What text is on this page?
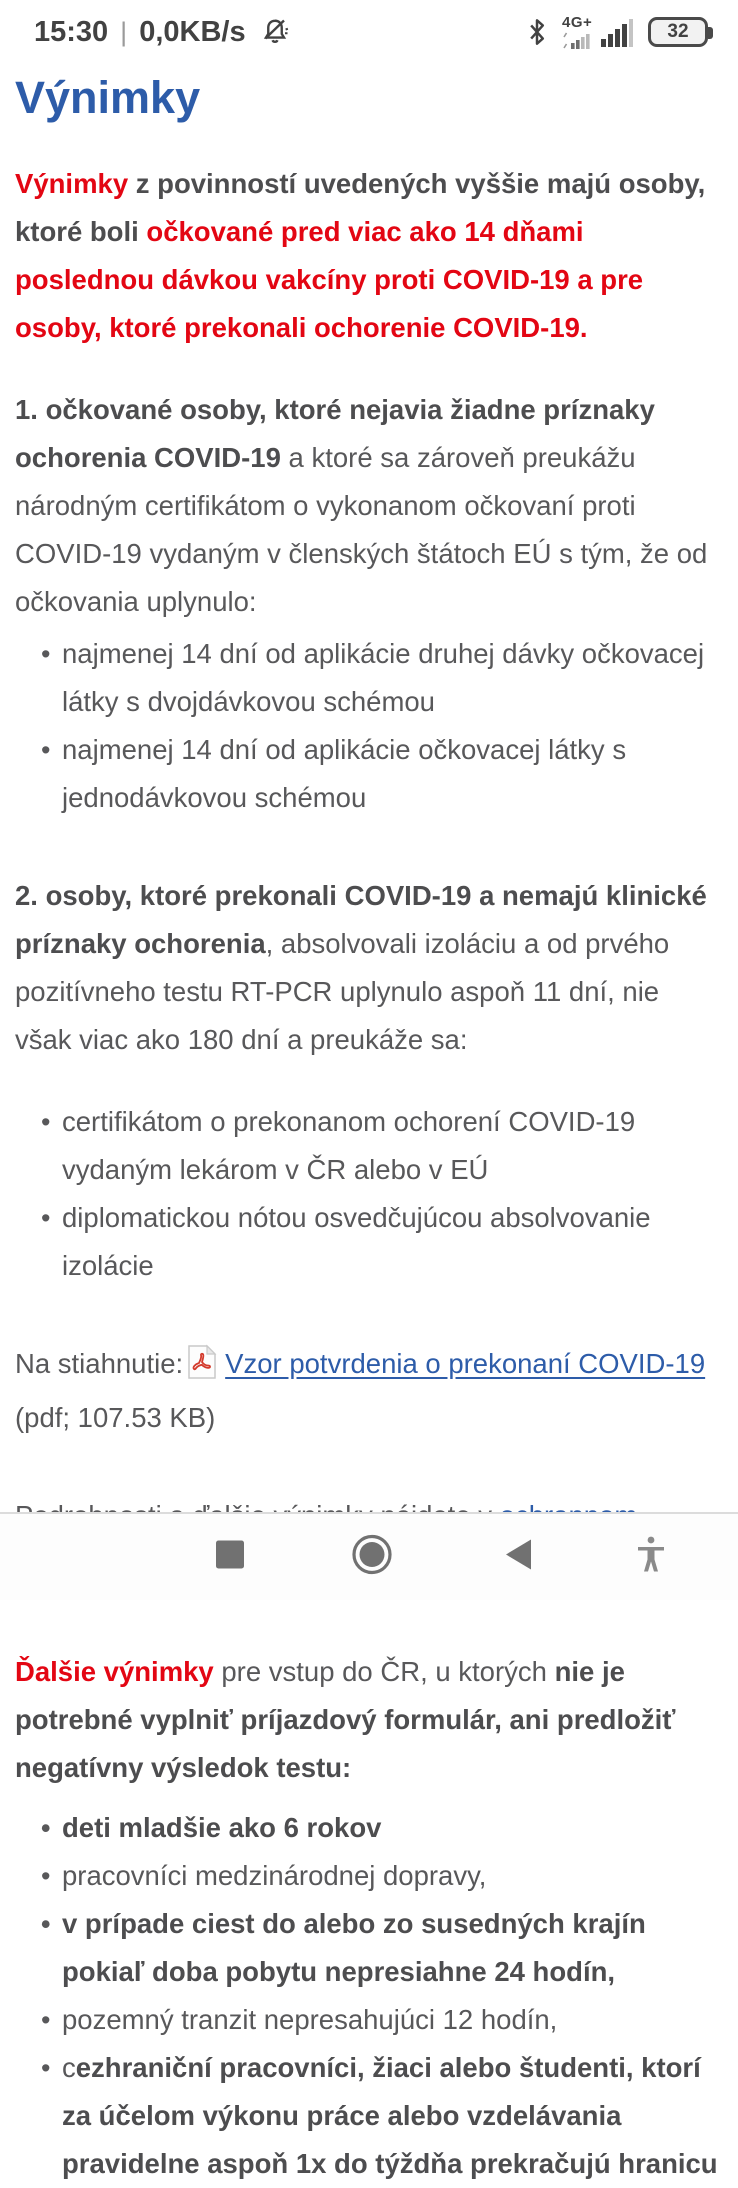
15:30 | 0,0KB/s	4G+	32
Výnimky

Výnimky z povinností uvedených vyššie majú osoby, ktoré boli očkované pred viac ako 14 dňami poslednou dávkou vakcíny proti COVID-19 a pre osoby, ktoré prekonali ochorenie COVID-19.

1. očkované osoby, ktoré nejavia žiadne príznaky ochorenia COVID-19 a ktoré sa zároveň preukážu národným certifikátom o vykonanom očkovaní proti COVID-19 vydaným v členských štátoch EÚ s tým, že od očkovania uplynulo:

• najmenej 14 dní od aplikácie druhej dávky očkovacej látky s dvojdávkovou schémou
• najmenej 14 dní od aplikácie očkovacej látky s jednodávkovou schémou

2. osoby, ktoré prekonali COVID-19 a nemajú klinické príznaky ochorenia, absolvovali izoláciu a od prvého pozitívneho testu RT-PCR uplynulo aspoň 11 dní, nie však viac ako 180 dní a preukáže sa:

• certifikátom o prekonanom ochorení COVID-19 vydaným lekárom v ČR alebo v EÚ
• diplomatickou nótou osvedčujúcou absolvovanie izolácie

Na stiahnutie: Vzor potvrdenia o prekonaní COVID-19 (pdf; 107.53 KB)

Ďalšie výnimky pre vstup do ČR, u ktorých nie je potrebné vyplniť príjazdový formulár, ani predložiť negatívny výsledok testu:

• deti mladšie ako 6 rokov
• pracovníci medzinárodnej dopravy,
• v prípade ciest do alebo zo susedných krajín pokiaľ doba pobytu nepresiahne 24 hodín,
• pozemný tranzit nepresahujúci 12 hodín,
• cezhraniční pracovníci, žiaci alebo študenti, ktorí za účelom výkonu práce alebo vzdelávania pravidelne aspoň 1x do týždňa prekračujú hranicu
